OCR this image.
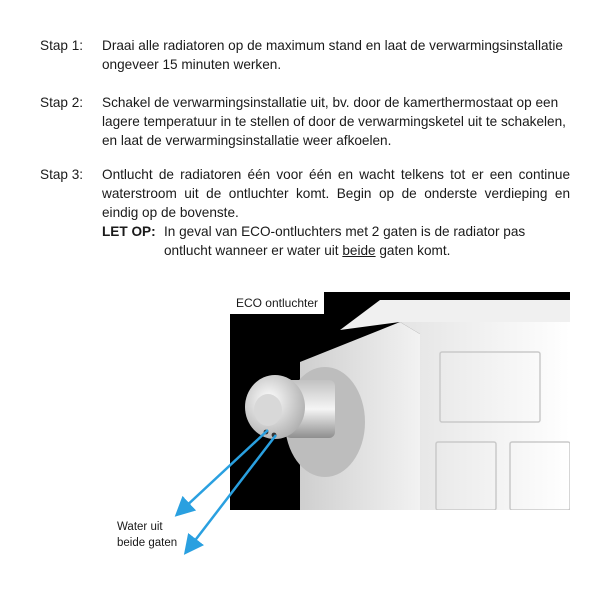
Stap 1:	Draai alle radiatoren op de maximum stand en laat de verwarmingsinstallatie ongeveer 15 minuten werken.
Stap 2:	Schakel de verwarmingsinstallatie uit, bv. door de kamerthermostaat op een lagere temperatuur in te stellen of door de verwarmingsketel uit te schakelen, en laat de verwarmingsinstallatie weer afkoelen.
Stap 3:	Ontlucht de radiatoren één voor één en wacht telkens tot er een continue waterstroom uit de ontluchter komt. Begin op de onderste verdieping en eindig op de bovenste.
LET OP: In geval van ECO-ontluchters met 2 gaten is de radiator pas ontlucht wanneer er water uit beide gaten komt.
ECO ontluchter
Water uit
beide gaten
